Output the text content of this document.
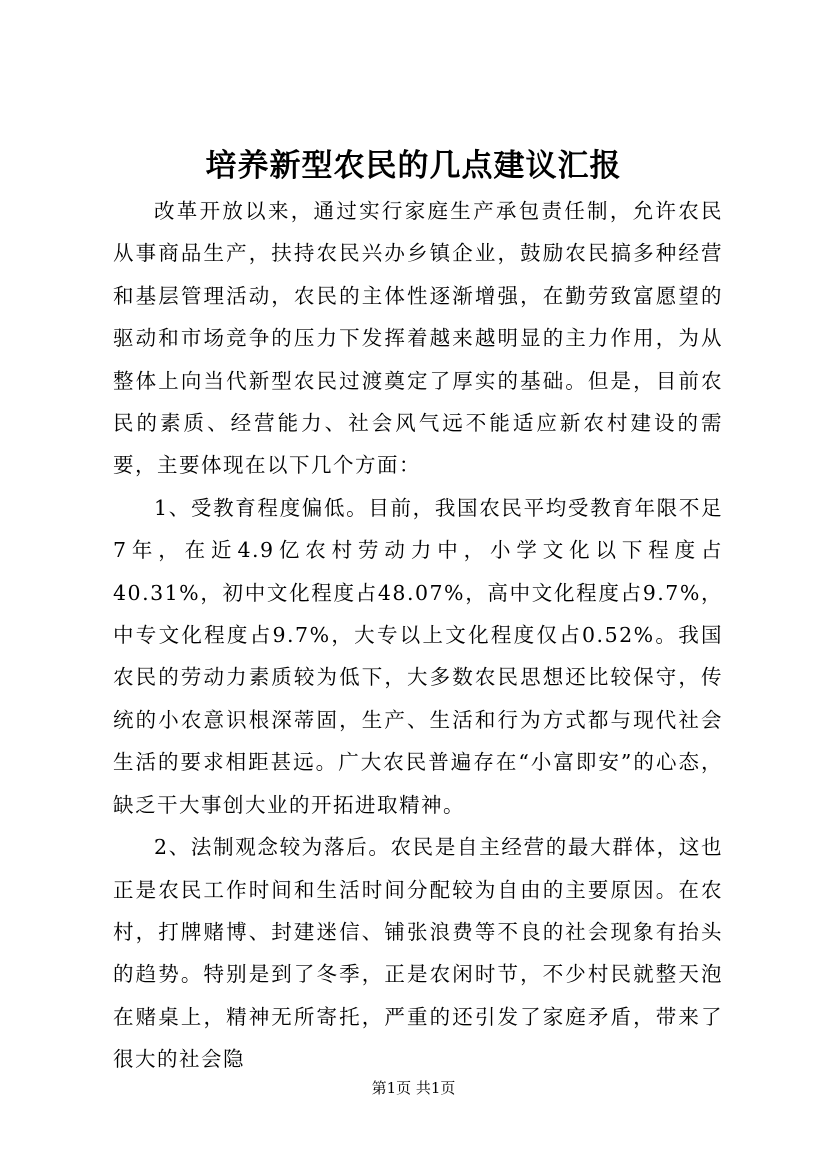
培养新型农民的几点建议汇报

改革开放以来，通过实行家庭生产承包责任制，允许农民从事商品生产，扶持农民兴办乡镇企业，鼓励农民搞多种经营和基层管理活动，农民的主体性逐渐增强，在勤劳致富愿望的驱动和市场竞争的压力下发挥着越来越明显的主力作用，为从整体上向当代新型农民过渡奠定了厚实的基础。但是，目前农民的素质、经营能力、社会风气远不能适应新农村建设的需要，主要体现在以下几个方面：

1、受教育程度偏低。目前，我国农民平均受教育年限不足7年，在近4.9亿农村劳动力中，小学文化以下程度占40.31%，初中文化程度占48.07%，高中文化程度占9.7%，中专文化程度占9.7%，大专以上文化程度仅占0.52%。我国农民的劳动力素质较为低下，大多数农民思想还比较保守，传统的小农意识根深蒂固，生产、生活和行为方式都与现代社会生活的要求相距甚远。广大农民普遍存在“小富即安”的心态，缺乏干大事创大业的开拓进取精神。

2、法制观念较为落后。农民是自主经营的最大群体，这也正是农民工作时间和生活时间分配较为自由的主要原因。在农村，打牌赌博、封建迷信、铺张浪费等不良的社会现象有抬头的趋势。特别是到了冬季，正是农闲时节，不少村民就整天泡在赌桌上，精神无所寄托，严重的还引发了家庭矛盾，带来了很大的社会隐

第1页 共1页
